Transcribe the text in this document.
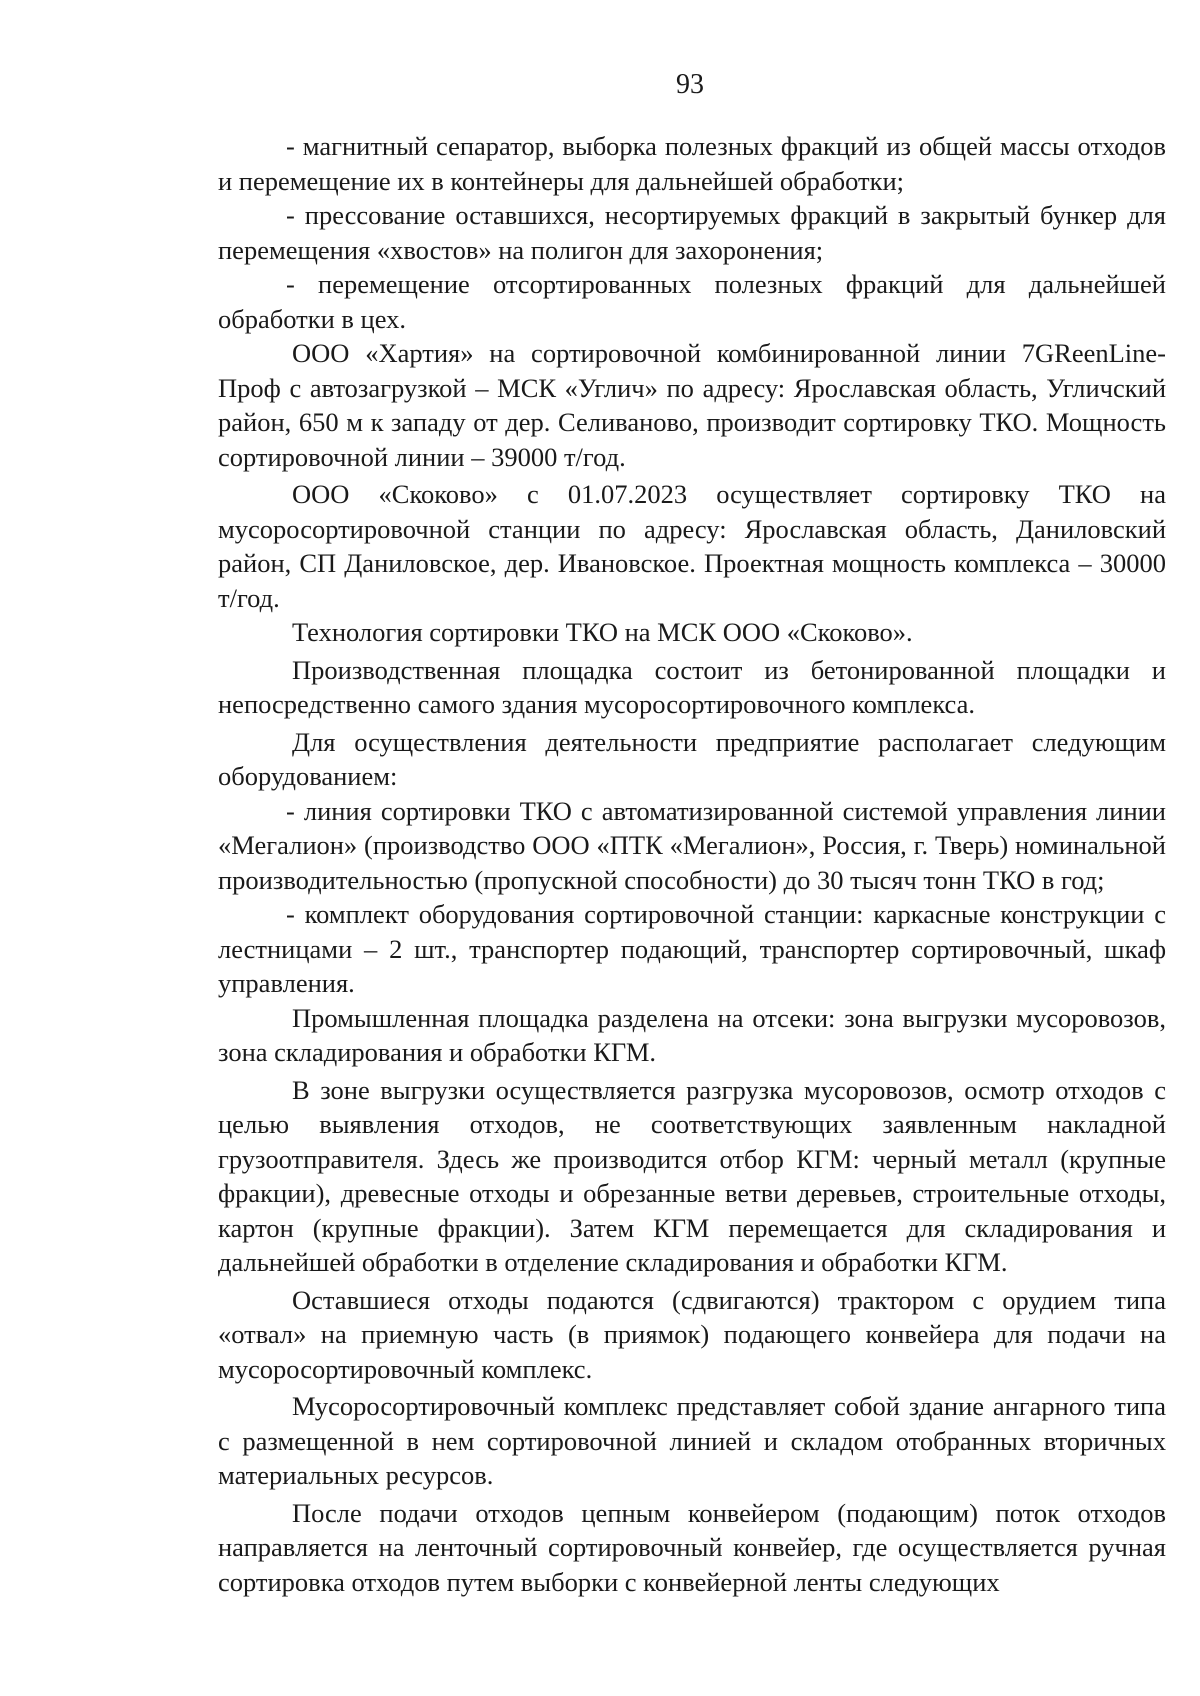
93

- магнитный сепаратор, выборка полезных фракций из общей массы отходов и перемещение их в контейнеры для дальнейшей обработки;

- прессование оставшихся, несортируемых фракций в закрытый бункер для перемещения «хвостов» на полигон для захоронения;

- перемещение отсортированных полезных фракций для дальнейшей обработки в цех.

ООО «Хартия» на сортировочной комбинированной линии 7GReenLine-Проф с автозагрузкой – МСК «Углич» по адресу: Ярославская область, Угличский район, 650 м к западу от дер. Селиваново, производит сортировку ТКО. Мощность сортировочной линии – 39000 т/год.

ООО «Скоково» с 01.07.2023 осуществляет сортировку ТКО на мусоросортировочной станции по адресу: Ярославская область, Даниловский район, СП Даниловское, дер. Ивановское. Проектная мощность комплекса – 30000 т/год.

Технология сортировки ТКО на МСК ООО «Скоково».

Производственная площадка состоит из бетонированной площадки и непосредственно самого здания мусоросортировочного комплекса.

Для осуществления деятельности предприятие располагает следующим оборудованием:

- линия сортировки ТКО с автоматизированной системой управления линии «Мегалион» (производство ООО «ПТК «Мегалион», Россия, г. Тверь) номинальной производительностью (пропускной способности) до 30 тысяч тонн ТКО в год;

- комплект оборудования сортировочной станции: каркасные конструкции с лестницами – 2 шт., транспортер подающий, транспортер сортировочный, шкаф управления.

Промышленная площадка разделена на отсеки: зона выгрузки мусоровозов, зона складирования и обработки КГМ.

В зоне выгрузки осуществляется разгрузка мусоровозов, осмотр отходов с целью выявления отходов, не соответствующих заявленным накладной грузоотправителя. Здесь же производится отбор КГМ: черный металл (крупные фракции), древесные отходы и обрезанные ветви деревьев, строительные отходы, картон (крупные фракции). Затем КГМ перемещается для складирования и дальнейшей обработки в отделение складирования и обработки КГМ.

Оставшиеся отходы подаются (сдвигаются) трактором с орудием типа «отвал» на приемную часть (в приямок) подающего конвейера для подачи на мусоросортировочный комплекс.

Мусоросортировочный комплекс представляет собой здание ангарного типа с размещенной в нем сортировочной линией и складом отобранных вторичных материальных ресурсов.

После подачи отходов цепным конвейером (подающим) поток отходов направляется на ленточный сортировочный конвейер, где осуществляется ручная сортировка отходов путем выборки с конвейерной ленты следующих
